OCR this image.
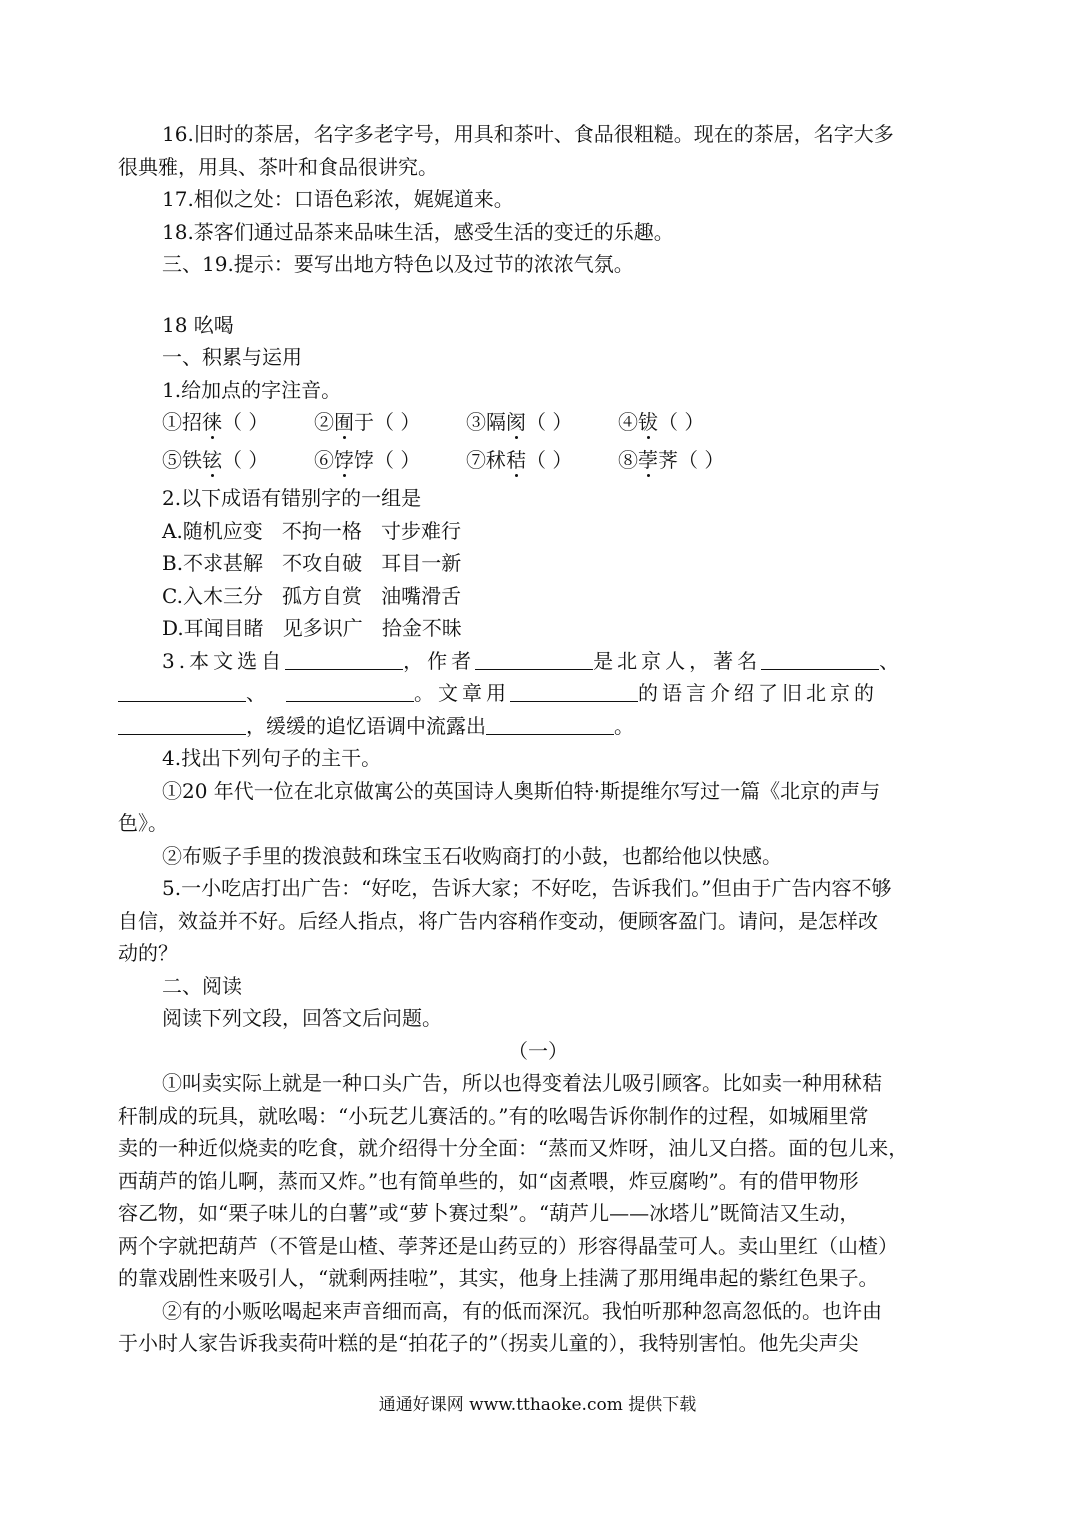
16.旧时的茶居，名字多老字号，用具和茶叶、食品很粗糙。现在的茶居，名字大多

很典雅，用具、茶叶和食品很讲究。

17.相似之处：口语色彩浓，娓娓道来。

18.茶客们通过品茶来品味生活，感受生活的变迁的乐趣。

三、19.提示：要写出地方特色以及过节的浓浓气氛。

18 吆喝

一、积累与运用

1.给加点的字注音。

①招徕（ ） ②囿于（ ） ③隔阂（ ） ④钹（ ）

⑤铁铉（ ） ⑥饽饽（ ） ⑦秫秸（ ） ⑧荸荠（ ）

2.以下成语有错别字的一组是

A.随机应变   不拘一格   寸步难行

B.不求甚解   不攻自破   耳目一新

C.入木三分   孤方自赏   油嘴滑舌

D.耳闻目睹   见多识广   拾金不昧

3.本文选自	，作者	是北京人，著名	、

、	。文章用	的语言介绍了旧北京的

，缓缓的追忆语调中流露出	。

4.找出下列句子的主干。

①20 年代一位在北京做寓公的英国诗人奥斯伯特·斯提维尔写过一篇《北京的声与

色》。

②布贩子手里的拨浪鼓和珠宝玉石收购商打的小鼓，也都给他以快感。

5.一小吃店打出广告：“好吃，告诉大家；不好吃，告诉我们。”但由于广告内容不够

自信，效益并不好。后经人指点，将广告内容稍作变动，便顾客盈门。请问，是怎样改

动的？

二、阅读

阅读下列文段，回答文后问题。

（一）

①叫卖实际上就是一种口头广告，所以也得变着法儿吸引顾客。比如卖一种用秫秸

秆制成的玩具，就吆喝：“小玩艺儿赛活的。”有的吆喝告诉你制作的过程，如城厢里常

卖的一种近似烧卖的吃食，就介绍得十分全面：“蒸而又炸呀，油儿又白搭。面的包儿来，

西葫芦的馅儿啊，蒸而又炸。”也有简单些的，如“卤煮喂，炸豆腐哟”。有的借甲物形

容乙物，如“栗子味儿的白薯”或“萝卜赛过梨”。“葫芦儿——冰塔儿”既简洁又生动，

两个字就把葫芦（不管是山楂、荸荠还是山药豆的）形容得晶莹可人。卖山里红（山楂）

的靠戏剧性来吸引人，“就剩两挂啦”，其实，他身上挂满了那用绳串起的紫红色果子。

②有的小贩吆喝起来声音细而高，有的低而深沉。我怕听那种忽高忽低的。也许由

于小时人家告诉我卖荷叶糕的是“拍花子的”（拐卖儿童的），我特别害怕。他先尖声尖

通通好课网 www.tthaoke.com 提供下载
